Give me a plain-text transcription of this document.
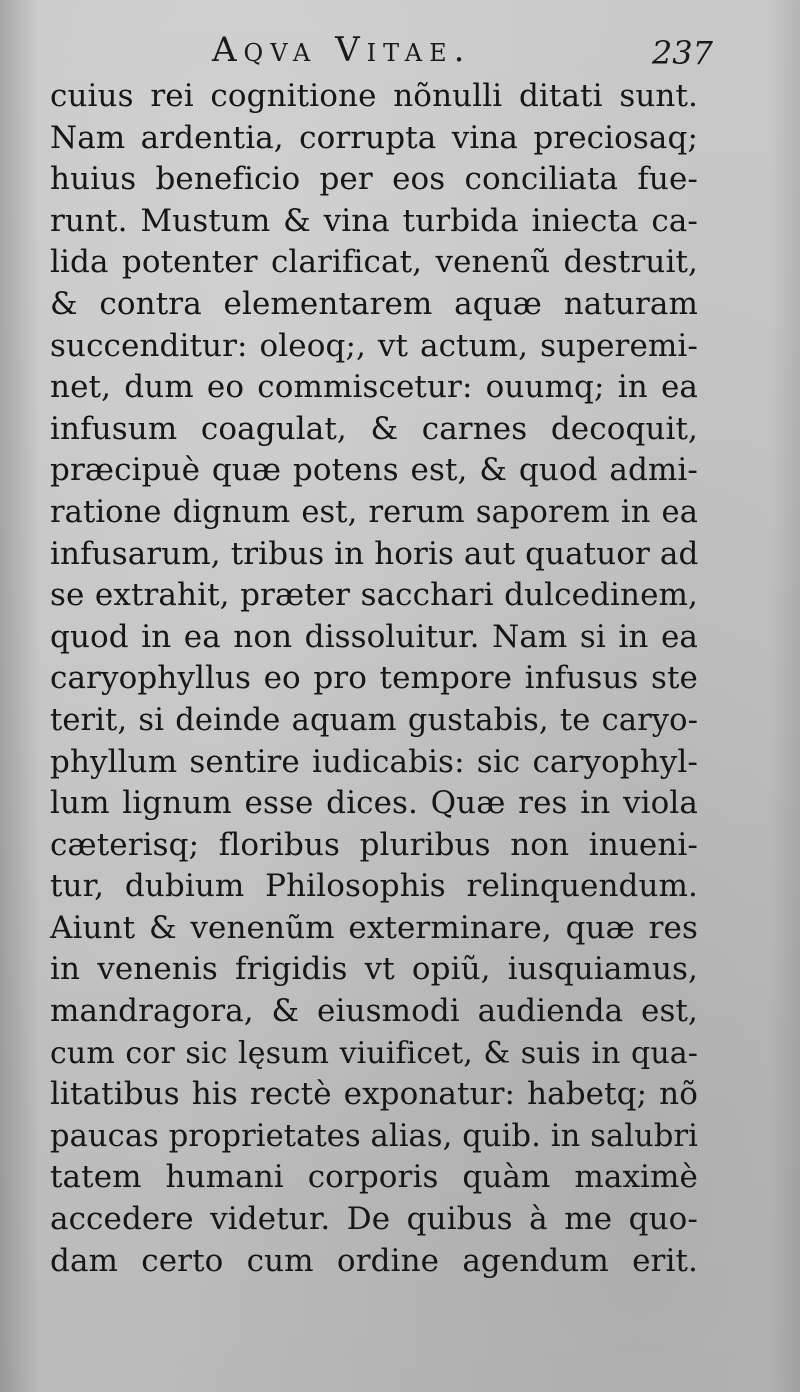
Aqva Vitae.	237
cuius rei cognitione nõnulli ditati sunt.
Nam ardentia, corrupta vina preciosaq;
huius beneficio per eos conciliata fue-
runt. Mustum & vina turbida iniecta ca-
lida potenter clarificat, venenũ destruit,
& contra elementarem aquæ naturam
succenditur: oleoq;, vt actum, superemi-
net, dum eo commiscetur: ouumq; in ea
infusum coagulat, & carnes decoquit,
præcipuè quæ potens est, & quod admi-
ratione dignum est, rerum saporem in ea
infusarum, tribus in horis aut quatuor ad
se extrahit, præter sacchari dulcedinem,
quod in ea non dissoluitur. Nam si in ea
caryophyllus eo pro tempore infusus ste
terit, si deinde aquam gustabis, te caryo-
phyllum sentire iudicabis: sic caryophyl-
lum lignum esse dices. Quæ res in viola
cæterisq; floribus pluribus non inueni-
tur, dubium Philosophis relinquendum.
Aiunt & venenũm exterminare, quæ res
in venenis frigidis vt opiũ, iusquiamus,
mandragora, & eiusmodi audienda est,
cum cor sic lęsum viuificet, & suis in qua-
litatibus his rectè exponatur: habetq; nõ
paucas proprietates alias, quib. in salubri
tatem humani corporis quàm maximè
accedere videtur. De quibus à me quo-
dam certo cum ordine agendum erit.
